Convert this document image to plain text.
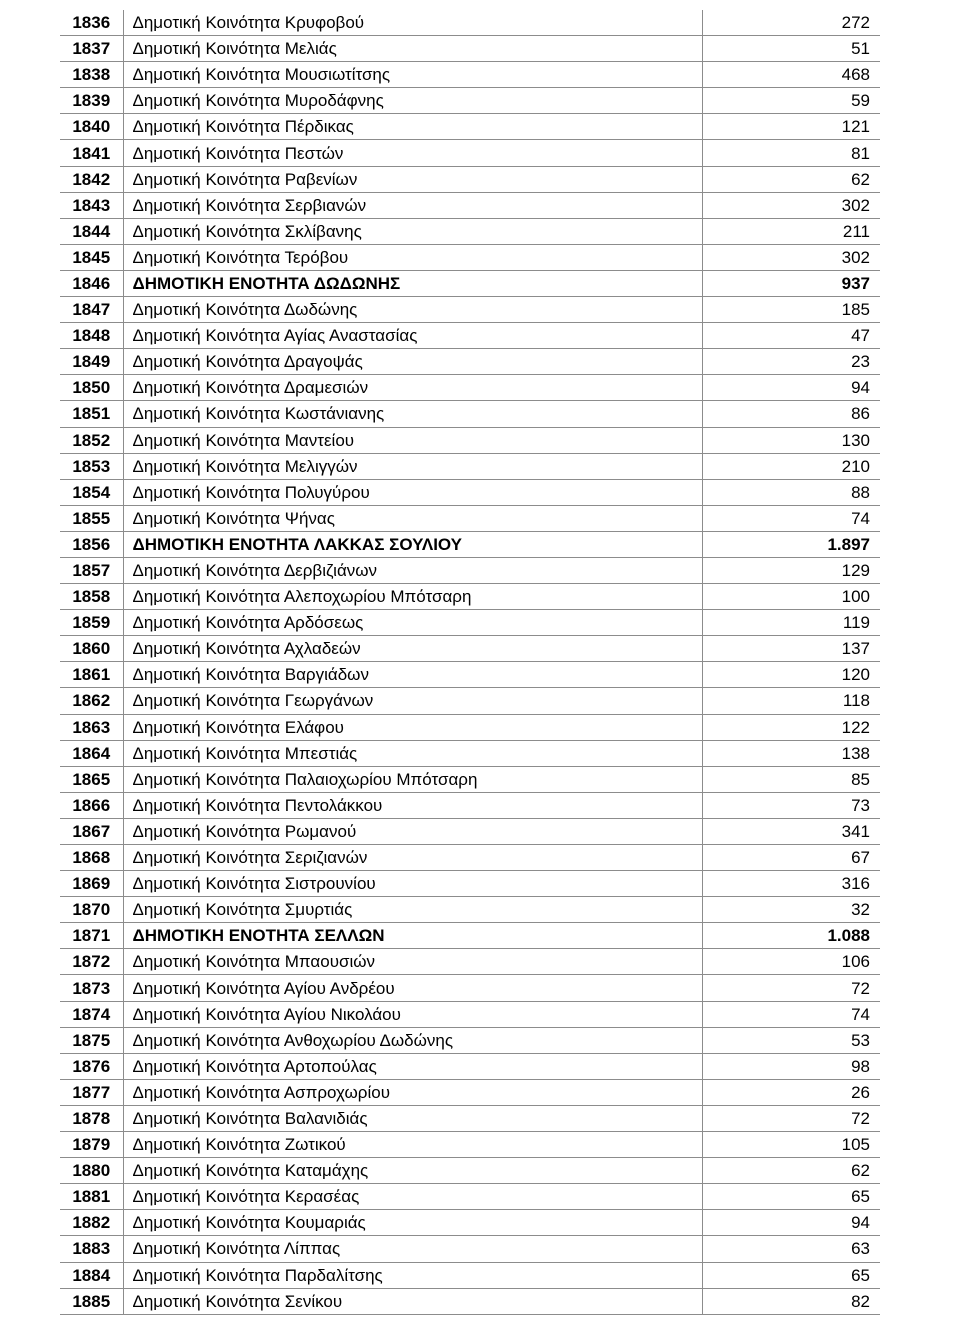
1836	Δημοτική Κοινότητα Κρυφοβού	272
1837	Δημοτική Κοινότητα Μελιάς	51
1838	Δημοτική Κοινότητα Μουσιωτίτσης	468
1839	Δημοτική Κοινότητα Μυροδάφνης	59
1840	Δημοτική Κοινότητα Πέρδικας	121
1841	Δημοτική Κοινότητα Πεστών	81
1842	Δημοτική Κοινότητα Ραβενίων	62
1843	Δημοτική Κοινότητα Σερβιανών	302
1844	Δημοτική Κοινότητα Σκλίβανης	211
1845	Δημοτική Κοινότητα Τερόβου	302
1846	ΔΗΜΟΤΙΚΗ ΕΝΟΤΗΤΑ ΔΩΔΩΝΗΣ	937
1847	Δημοτική Κοινότητα Δωδώνης	185
1848	Δημοτική Κοινότητα Αγίας Αναστασίας	47
1849	Δημοτική Κοινότητα Δραγοψάς	23
1850	Δημοτική Κοινότητα Δραμεσιών	94
1851	Δημοτική Κοινότητα Κωστάνιανης	86
1852	Δημοτική Κοινότητα Μαντείου	130
1853	Δημοτική Κοινότητα Μελιγγών	210
1854	Δημοτική Κοινότητα Πολυγύρου	88
1855	Δημοτική Κοινότητα Ψήνας	74
1856	ΔΗΜΟΤΙΚΗ ΕΝΟΤΗΤΑ ΛΑΚΚΑΣ ΣΟΥΛΙΟΥ	1.897
1857	Δημοτική Κοινότητα Δερβιζιάνων	129
1858	Δημοτική Κοινότητα Αλεποχωρίου Μπότσαρη	100
1859	Δημοτική Κοινότητα Αρδόσεως	119
1860	Δημοτική Κοινότητα Αχλαδεών	137
1861	Δημοτική Κοινότητα Βαργιάδων	120
1862	Δημοτική Κοινότητα Γεωργάνων	118
1863	Δημοτική Κοινότητα Ελάφου	122
1864	Δημοτική Κοινότητα Μπεστιάς	138
1865	Δημοτική Κοινότητα Παλαιοχωρίου Μπότσαρη	85
1866	Δημοτική Κοινότητα Πεντολάκκου	73
1867	Δημοτική Κοινότητα Ρωμανού	341
1868	Δημοτική Κοινότητα Σεριζιανών	67
1869	Δημοτική Κοινότητα Σιστρουνίου	316
1870	Δημοτική Κοινότητα Σμυρτιάς	32
1871	ΔΗΜΟΤΙΚΗ ΕΝΟΤΗΤΑ ΣΕΛΛΩΝ	1.088
1872	Δημοτική Κοινότητα Μπαουσιών	106
1873	Δημοτική Κοινότητα Αγίου Ανδρέου	72
1874	Δημοτική Κοινότητα Αγίου Νικολάου	74
1875	Δημοτική Κοινότητα Ανθοχωρίου Δωδώνης	53
1876	Δημοτική Κοινότητα Αρτοπούλας	98
1877	Δημοτική Κοινότητα Ασπροχωρίου	26
1878	Δημοτική Κοινότητα Βαλανιδιάς	72
1879	Δημοτική Κοινότητα Ζωτικού	105
1880	Δημοτική Κοινότητα Καταμάχης	62
1881	Δημοτική Κοινότητα Κερασέας	65
1882	Δημοτική Κοινότητα Κουμαριάς	94
1883	Δημοτική Κοινότητα Λίππας	63
1884	Δημοτική Κοινότητα Παρδαλίτσης	65
1885	Δημοτική Κοινότητα Σενίκου	82
